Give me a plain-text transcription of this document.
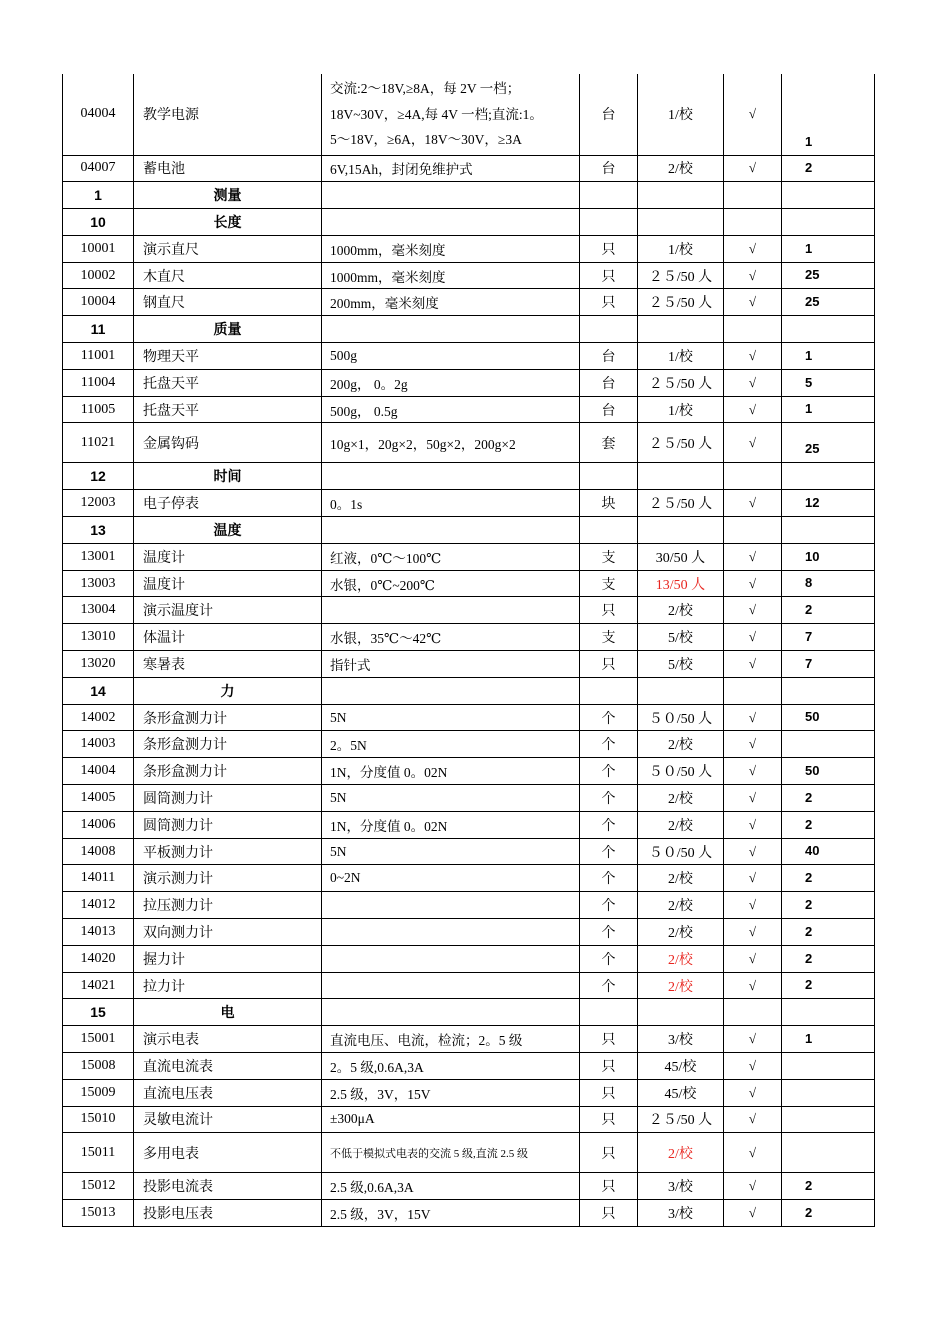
04004	教学电源	交流:2～18V,≥8A，每 2V 一档；
18V~30V，≥4A,每 4V 一档;直流:1。
5～18V，≥6A，18V～30V，≥3A	台	1/校	√	1
04007	蓄电池	6V,15Ah，封闭免维护式	台	2/校	√	2
1	测量					
10	长度					
10001	演示直尺	1000mm，毫米刻度	只	1/校	√	1
10002	木直尺	1000mm，毫米刻度	只	２５/50 人	√	25
10004	钢直尺	200mm，毫米刻度	只	２５/50 人	√	25
11	质量					
11001	物理天平	500g	台	1/校	√	1
11004	托盘天平	200g， 0。2g	台	２５/50 人	√	5
11005	托盘天平	500g， 0.5g	台	1/校	√	1
11021	金属钩码	10g×1，20g×2，50g×2，200g×2	套	２５/50 人	√	25
12	时间					
12003	电子停表	0。1s	块	２５/50 人	√	12
13	温度					
13001	温度计	红液，0℃～100℃	支	30/50 人	√	10
13003	温度计	水银，0℃~200℃	支	13/50 人	√	8
13004	演示温度计		只	2/校	√	2
13010	体温计	水银，35℃～42℃	支	5/校	√	7
13020	寒暑表	指针式	只	5/校	√	7
14	力					
14002	条形盒测力计	5N	个	５０/50 人	√	50
14003	条形盒测力计	2。5N	个	2/校	√	
14004	条形盒测力计	1N，分度值 0。02N	个	５０/50 人	√	50
14005	圆筒测力计	5N	个	2/校	√	2
14006	圆筒测力计	1N，分度值 0。02N	个	2/校	√	2
14008	平板测力计	5N	个	５０/50 人	√	40
14011	演示测力计	0~2N	个	2/校	√	2
14012	拉压测力计		个	2/校	√	2
14013	双向测力计		个	2/校	√	2
14020	握力计		个	2/校	√	2
14021	拉力计		个	2/校	√	2
15	电					
15001	演示电表	直流电压、电流，检流；2。5 级	只	3/校	√	1
15008	直流电流表	2。5 级,0.6A,3A	只	45/校	√	
15009	直流电压表	2.5 级，3V，15V	只	45/校	√	
15010	灵敏电流计	±300μA	只	２５/50 人	√	
15011	多用电表	不低于模拟式电表的交流 5 级,直流 2.5 级	只	2/校	√	
15012	投影电流表	2.5 级,0.6A,3A	只	3/校	√	2
15013	投影电压表	2.5 级，3V，15V	只	3/校	√	2
